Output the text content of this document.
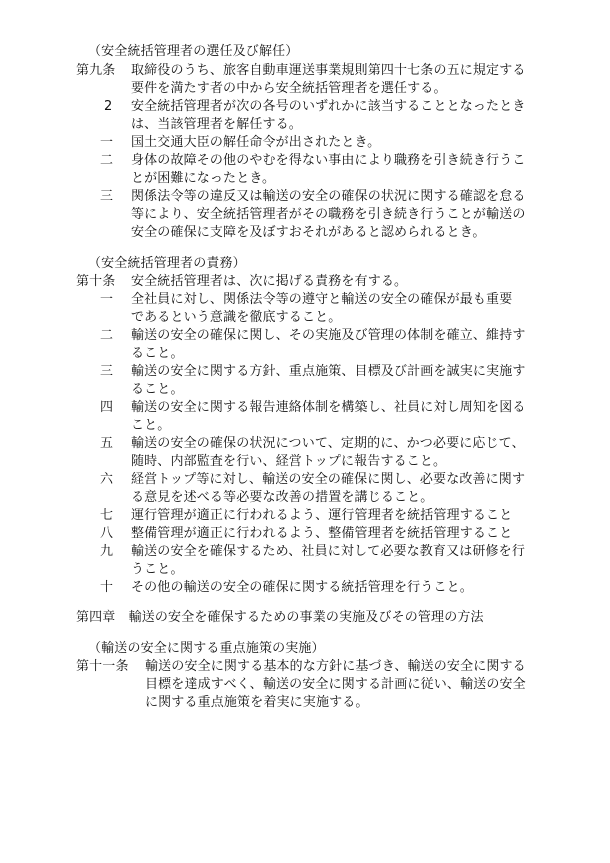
（安全統括管理者の選任及び解任）
第九条 取締役のうち、旅客自動車運送事業規則第四十七条の五に規定する
要件を満たす者の中から安全統括管理者を選任する。
2 安全統括管理者が次の各号のいずれかに該当することとなったとき
は、当該管理者を解任する。
一 国土交通大臣の解任命令が出されたとき。
二 身体の故障その他のやむを得ない事由により職務を引き続き行うこ
とが困難になったとき。
三 関係法令等の違反又は輸送の安全の確保の状況に関する確認を怠る
等により、安全統括管理者がその職務を引き続き行うことが輸送の
安全の確保に支障を及ぼすおそれがあると認められるとき。
（安全統括管理者の責務）
第十条 安全統括管理者は、次に掲げる責務を有する。
一 全社員に対し、関係法令等の遵守と輸送の安全の確保が最も重要
であるという意識を徹底すること。
二 輸送の安全の確保に関し、その実施及び管理の体制を確立、維持す
ること。
三 輸送の安全に関する方針、重点施策、目標及び計画を誠実に実施す
ること。
四 輸送の安全に関する報告連絡体制を構築し、社員に対し周知を図る
こと。
五 輸送の安全の確保の状況について、定期的に、かつ必要に応じて、
随時、内部監査を行い、経営トップに報告すること。
六 経営トップ等に対し、輸送の安全の確保に関し、必要な改善に関す
る意見を述べる等必要な改善の措置を講じること。
七 運行管理が適正に行われるよう、運行管理者を統括管理すること
八 整備管理が適正に行われるよう、整備管理者を統括管理すること
九 輸送の安全を確保するため、社員に対して必要な教育又は研修を行
うこと。
十 その他の輸送の安全の確保に関する統括管理を行うこと。
第四章　輸送の安全を確保するための事業の実施及びその管理の方法
（輸送の安全に関する重点施策の実施）
第十一条 輸送の安全に関する基本的な方針に基づき、輸送の安全に関する
目標を達成すべく、輸送の安全に関する計画に従い、輸送の安全
に関する重点施策を着実に実施する。
